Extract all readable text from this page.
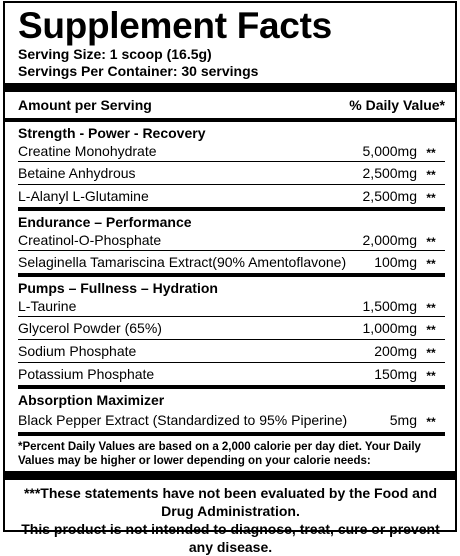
Supplement Facts

Serving Size: 1 scoop (16.5g)

Servings Per Container: 30 servings

Amount per Serving	% Daily Value*
Strength - Power - Recovery
Creatine Monohydrate	5,000mg **
Betaine Anhydrous	2,500mg **
L-Alanyl L-Glutamine	2,500mg **
Endurance – Performance
Creatinol-O-Phosphate	2,000mg **
Selaginella Tamariscina Extract(90% Amentoflavone)	100mg **
Pumps – Fullness – Hydration
L-Taurine	1,500mg **
Glycerol Powder (65%)	1,000mg **
Sodium Phosphate	200mg **
Potassium Phosphate	150mg **
Absorption Maximizer
Black Pepper Extract (Standardized to 95% Piperine)	5mg **
*Percent Daily Values are based on a 2,000 calorie per day diet. Your Daily Values may be higher or lower depending on your calorie needs:
***These statements have not been evaluated by the Food and Drug Administration.
This product is not intended to diagnose, treat, cure or prevent any disease.
